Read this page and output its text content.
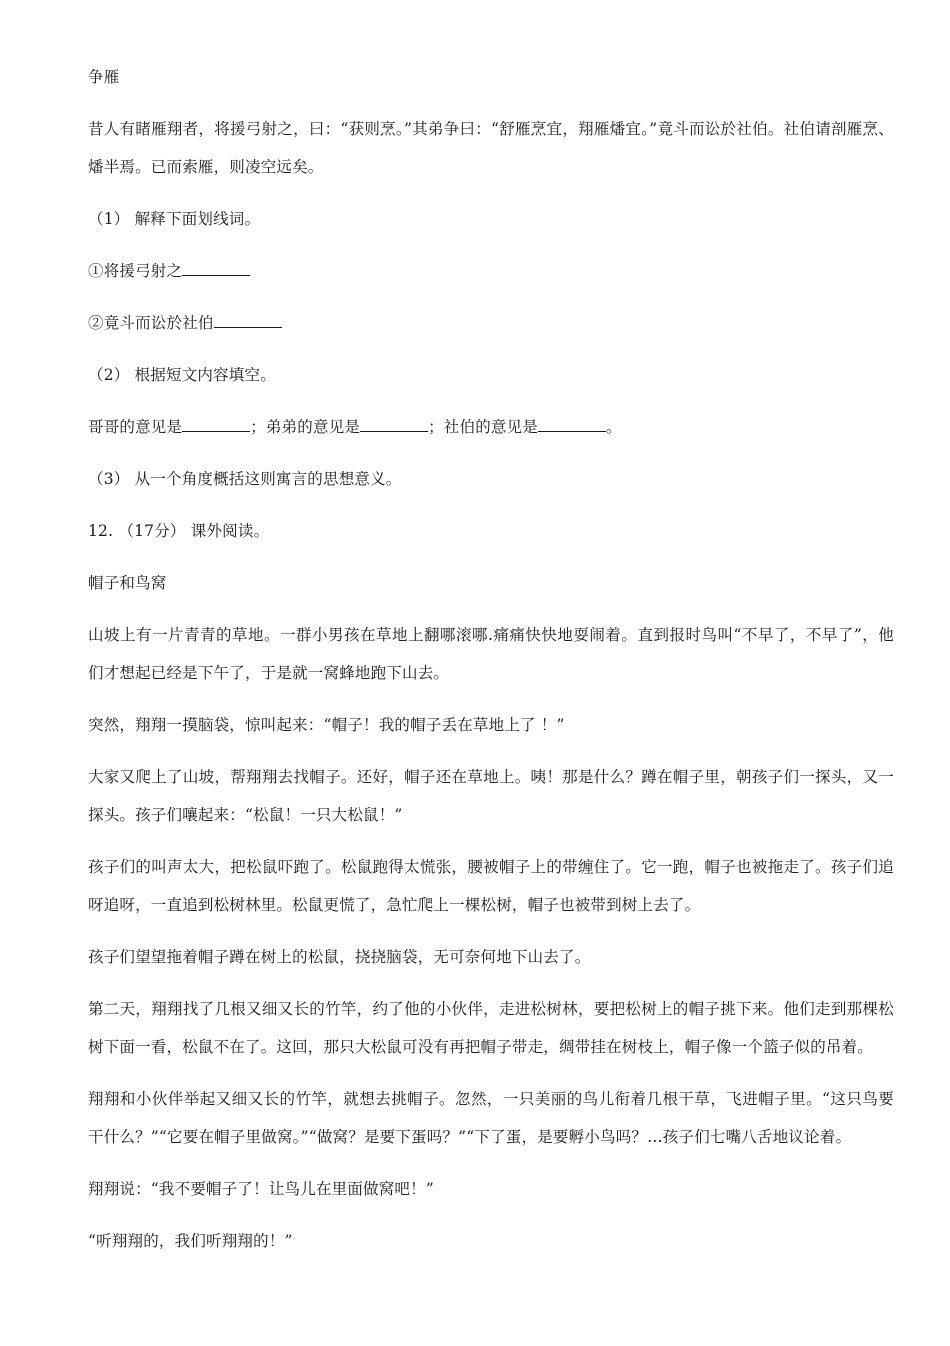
争雁

昔人有睹雁翔者，将援弓射之，曰：“获则烹。”其弟争曰：“舒雁烹宜，翔雁燔宜。”竟斗而讼於社伯。社伯请剖雁烹、燔半焉。已而索雁，则凌空远矣。

（1） 解释下面划线词。

①将援弓射之

②竟斗而讼於社伯

（2） 根据短文内容填空。

哥哥的意见是	；弟弟的意见是	；社伯的意见是	。

（3） 从一个角度概括这则寓言的思想意义。

12. （17分） 课外阅读。

帽子和鸟窝

山坡上有一片青青的草地。一群小男孩在草地上翻哪滚哪.痛痛快快地耍闹着。直到报时鸟叫“不早了，不早了”，他们才想起已经是下午了，于是就一窝蜂地跑下山去。

突然，翔翔一摸脑袋，惊叫起来：“帽子！我的帽子丢在草地上了 ！”

大家又爬上了山坡，帮翔翔去找帽子。还好，帽子还在草地上。咦！那是什么？蹲在帽子里，朝孩子们一探头，又一探头。孩子们嚷起来：“松鼠！一只大松鼠！”

孩子们的叫声太大，把松鼠吓跑了。松鼠跑得太慌张，腰被帽子上的带缠住了。它一跑，帽子也被拖走了。孩子们追呀追呀，一直追到松树林里。松鼠更慌了，急忙爬上一棵松树，帽子也被带到树上去了。

孩子们望望拖着帽子蹲在树上的松鼠，挠挠脑袋，无可奈何地下山去了。

第二天，翔翔找了几根又细又长的竹竿，约了他的小伙伴，走进松树林，要把松树上的帽子挑下来。他们走到那棵松树下面一看，松鼠不在了。这回，那只大松鼠可没有再把帽子带走，绸带挂在树枝上，帽子像一个篮子似的吊着。

翔翔和小伙伴举起又细又长的竹竿，就想去挑帽子。忽然，一只美丽的鸟儿衔着几根干草，飞进帽子里。“这只鸟要干什么？”“它要在帽子里做窝。”“做窝？是要下蛋吗？”“下了蛋，是要孵小鸟吗？…孩子们七嘴八舌地议论着。

翔翔说：“我不要帽子了！让鸟儿在里面做窝吧！”

“听翔翔的，我们听翔翔的！”
